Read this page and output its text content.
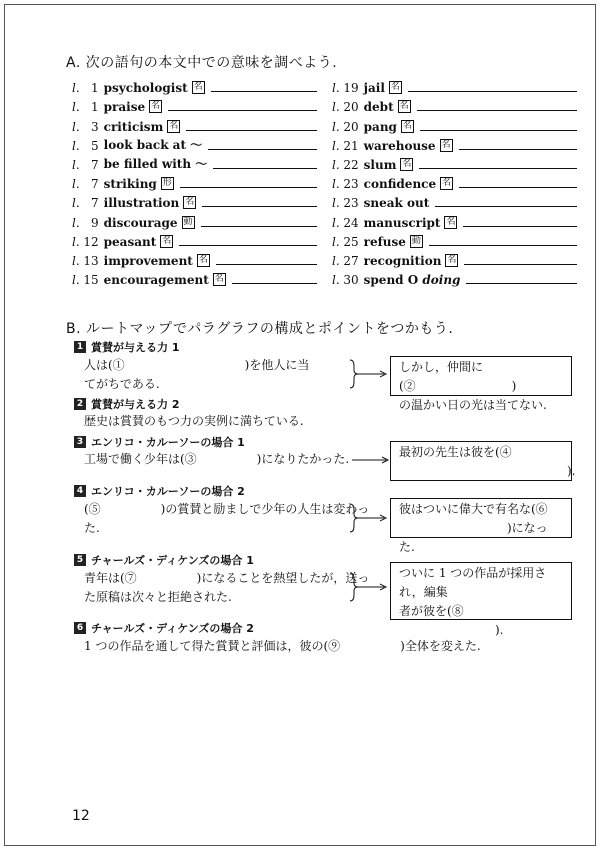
A. 次の語句の本文中での意味を調べよう.
l. 1 psychologist 名
l. 1 praise 名
l. 3 criticism 名
l. 5 look back at ～
l. 7 be filled with ～
l. 7 striking 形
l. 7 illustration 名
l. 9 discourage 動
l. 12 peasant 名
l. 13 improvement 名
l. 15 encouragement 名
l. 19 jail 名
l. 20 debt 名
l. 20 pang 名
l. 21 warehouse 名
l. 22 slum 名
l. 23 confidence 名
l. 23 sneak out
l. 24 manuscript 名
l. 25 refuse 動
l. 27 recognition 名
l. 30 spend O doing
B. ルートマップでパラグラフの構成とポイントをつかもう.
1 賞賛が与える力 1
人は(①　　　　　　　　　　)を他人に当
てがちである.
しかし，仲間に(②　　　　　　　　)
の温かい日の光は当てない.
2 賞賛が与える力 2
歴史は賞賛のもつ力の実例に満ちている.
3 エンリコ・カルーソーの場合 1
工場で働く少年は(③　　　　　)になりたかった.	最初の先生は彼を(④
　　　　　　　　　　　　　　).
4 エンリコ・カルーソーの場合 2
(⑤　　　　　)の賞賛と励ましで少年の人生は変わっ
た.
彼はついに偉大で有名な(⑥
　　　　　　　　　)になった.
5 チャールズ・ディケンズの場合 1
青年は(⑦　　　　　)になることを熱望したが，送っ
た原稿は次々と拒絶された.
ついに 1 つの作品が採用され，編集
者が彼を(⑧
　　　　　　　　).
6 チャールズ・ディケンズの場合 2
1 つの作品を通して得た賞賛と評価は，彼の(⑨　　　　　)全体を変えた.
12
